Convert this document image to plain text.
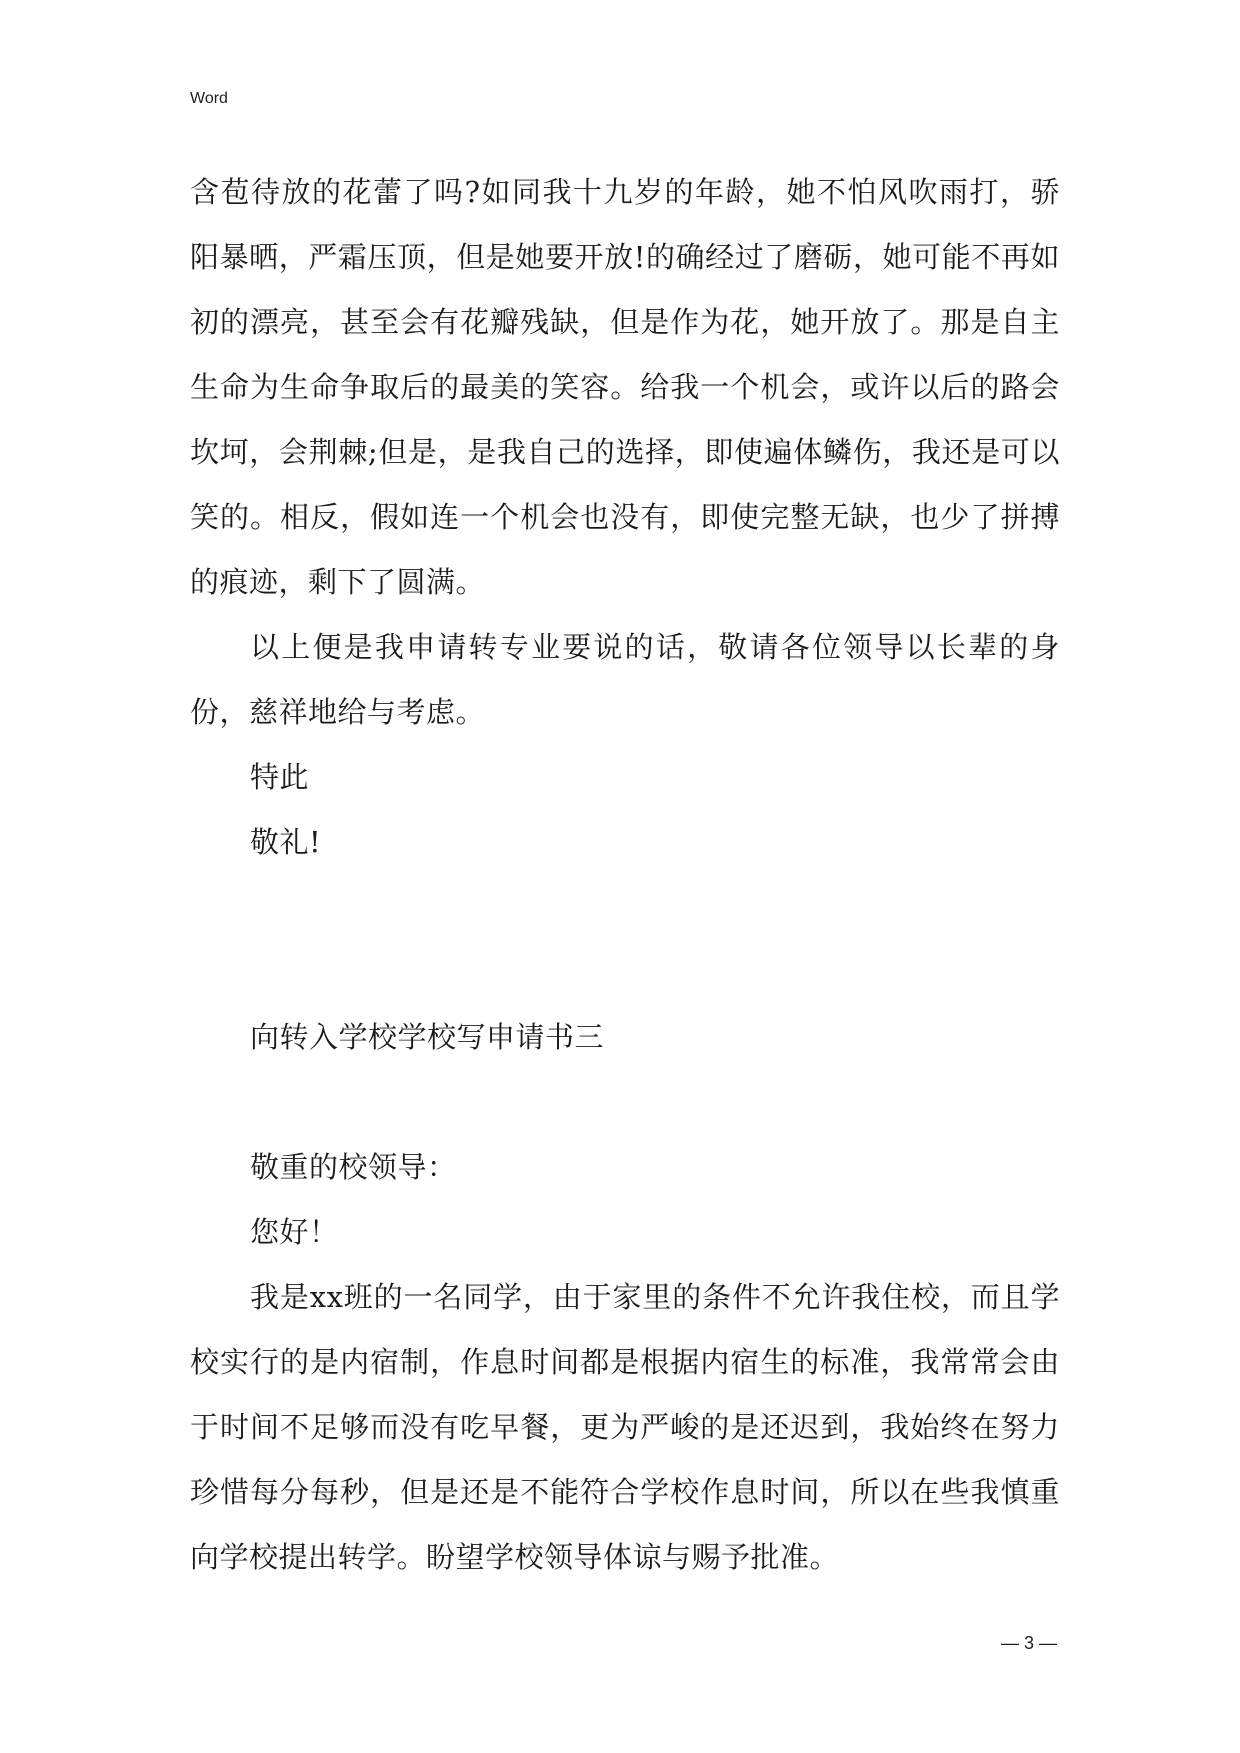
Word

含苞待放的花蕾了吗?如同我十九岁的年龄，她不怕风吹雨打，骄阳暴晒，严霜压顶，但是她要开放!的确经过了磨砺，她可能不再如初的漂亮，甚至会有花瓣残缺，但是作为花，她开放了。那是自主生命为生命争取后的最美的笑容。给我一个机会，或许以后的路会坎坷，会荆棘;但是，是我自己的选择，即使遍体鳞伤，我还是可以笑的。相反，假如连一个机会也没有，即使完整无缺，也少了拼搏的痕迹，剩下了圆满。

以上便是我申请转专业要说的话，敬请各位领导以长辈的身份，慈祥地给与考虑。

特此

敬礼!

向转入学校学校写申请书三

敬重的校领导：

您好！

我是xx班的一名同学，由于家里的条件不允许我住校，而且学校实行的是内宿制，作息时间都是根据内宿生的标准，我常常会由于时间不足够而没有吃早餐，更为严峻的是还迟到，我始终在努力珍惜每分每秒，但是还是不能符合学校作息时间，所以在些我慎重向学校提出转学。盼望学校领导体谅与赐予批准。

— 3 —
